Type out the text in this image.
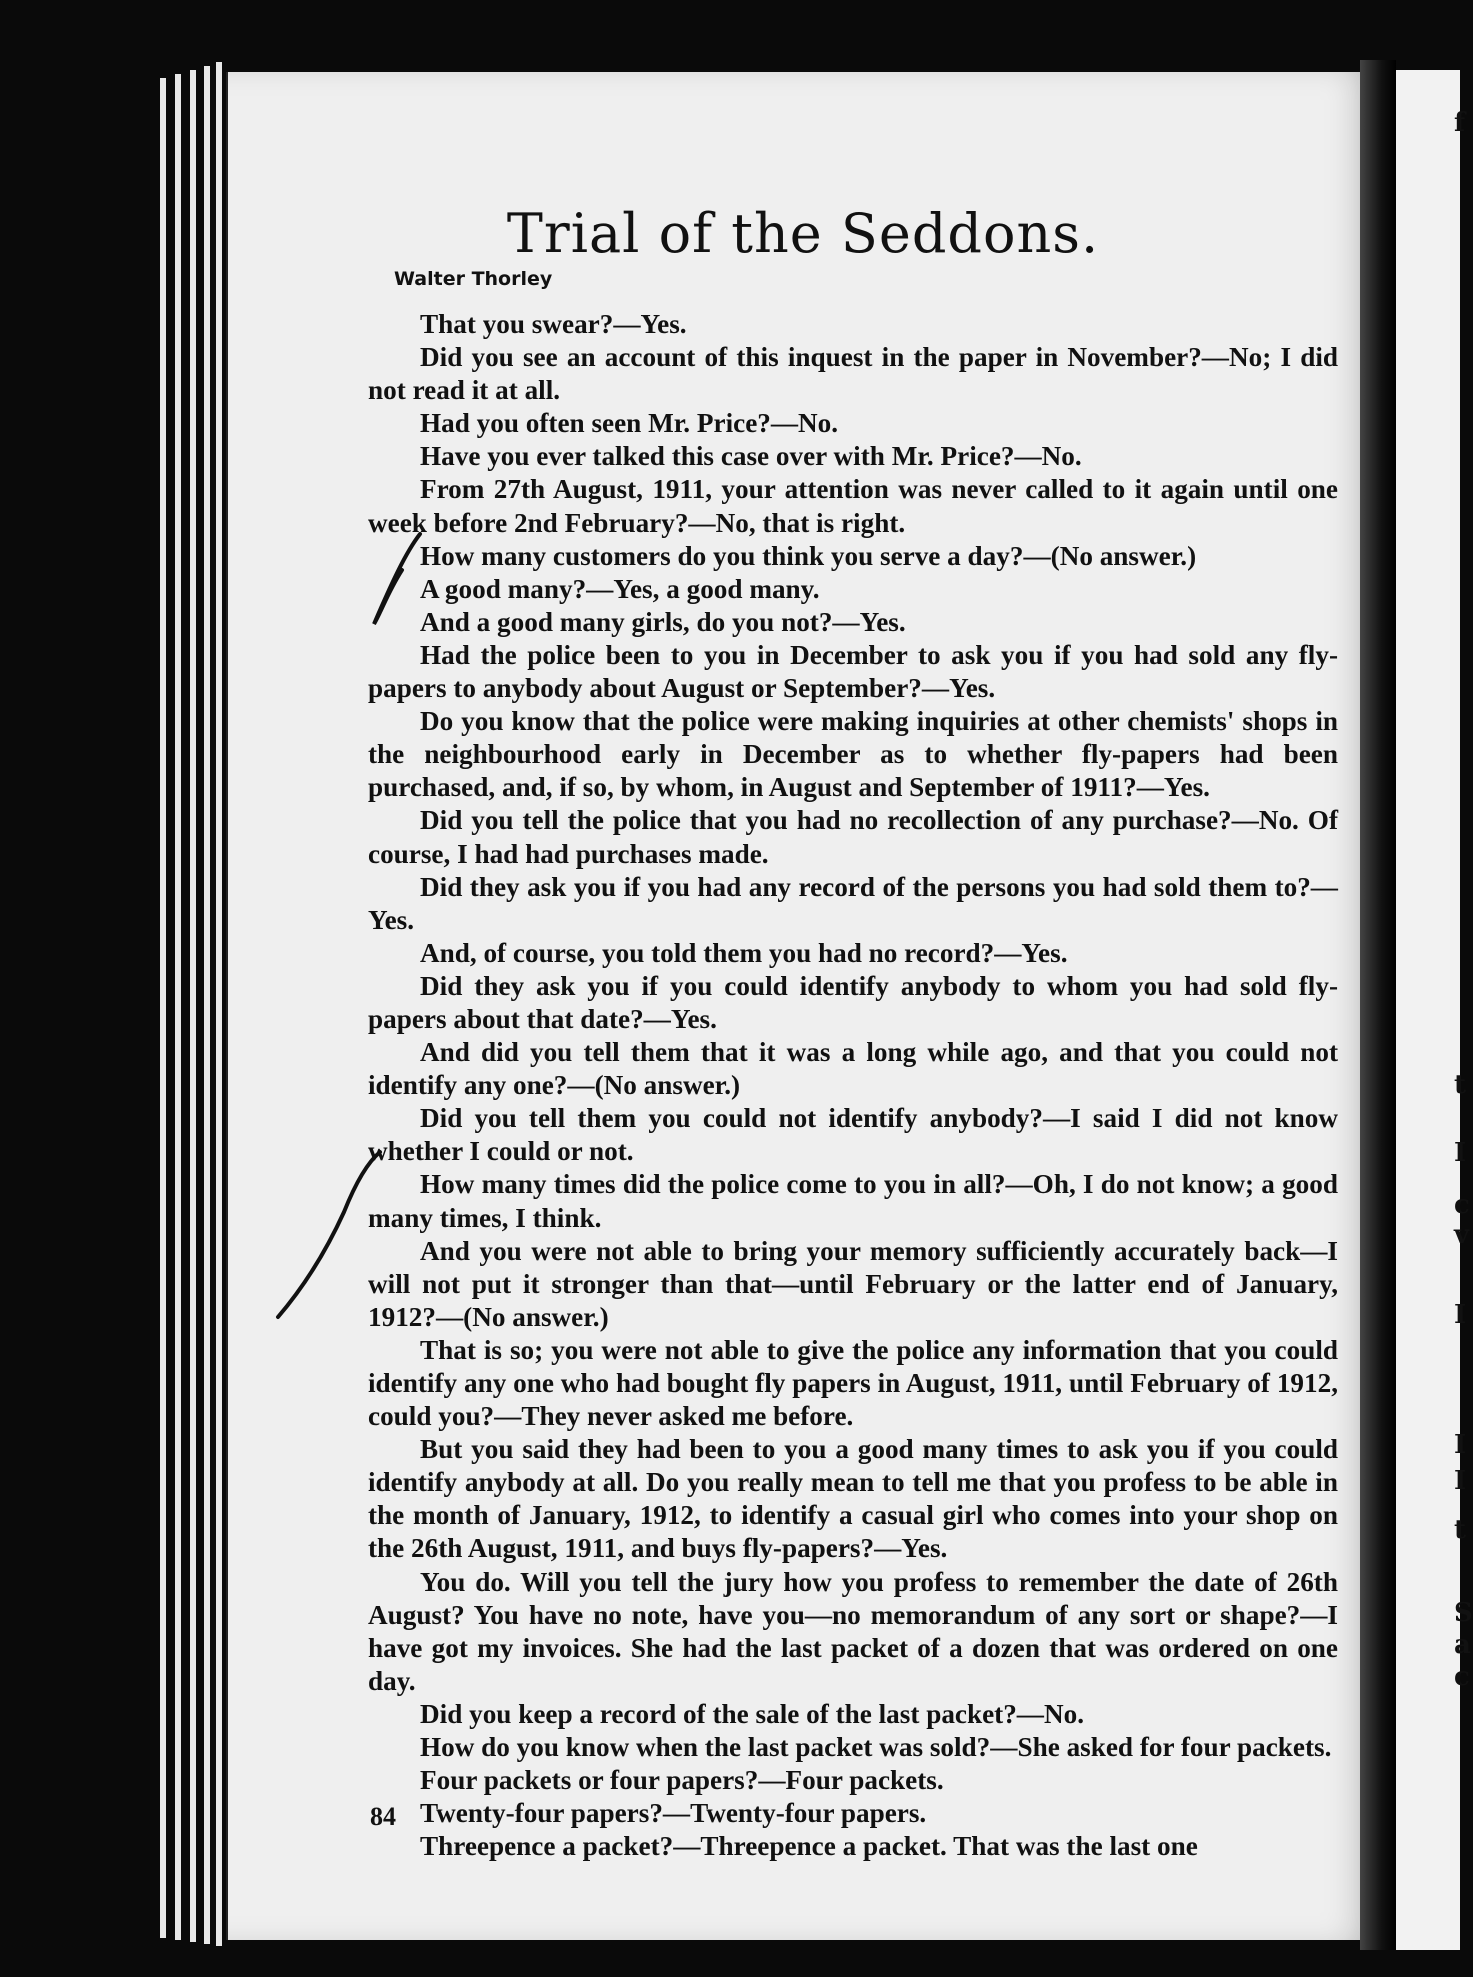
Trial of the Seddons.
Walter Thorley

That you swear?—Yes.

Did you see an account of this inquest in the paper in November?—No; I did not read it at all.

Had you often seen Mr. Price?—No.

Have you ever talked this case over with Mr. Price?—No.

From 27th August, 1911, your attention was never called to it again until one week before 2nd February?—No, that is right.

How many customers do you think you serve a day?—(No answer.)

A good many?—Yes, a good many.

And a good many girls, do you not?—Yes.

Had the police been to you in December to ask you if you had sold any fly-papers to anybody about August or September?—Yes.

Do you know that the police were making inquiries at other chemists' shops in the neighbourhood early in December as to whether fly-papers had been purchased, and, if so, by whom, in August and September of 1911?—Yes.

Did you tell the police that you had no recollection of any purchase?—No. Of course, I had had purchases made.

Did they ask you if you had any record of the persons you had sold them to?—Yes.

And, of course, you told them you had no record?—Yes.

Did they ask you if you could identify anybody to whom you had sold fly-papers about that date?—Yes.

And did you tell them that it was a long while ago, and that you could not identify any one?—(No answer.)

Did you tell them you could not identify anybody?—I said I did not know whether I could or not.

How many times did the police come to you in all?—Oh, I do not know; a good many times, I think.

And you were not able to bring your memory sufficiently accurately back—I will not put it stronger than that—until February or the latter end of January, 1912?—(No answer.)

That is so; you were not able to give the police any information that you could identify any one who had bought fly papers in August, 1911, until February of 1912, could you?—They never asked me before.

But you said they had been to you a good many times to ask you if you could identify anybody at all. Do you really mean to tell me that you profess to be able in the month of January, 1912, to identify a casual girl who comes into your shop on the 26th August, 1911, and buys fly-papers?—Yes.

You do. Will you tell the jury how you profess to remember the date of 26th August? You have no note, have you—no memorandum of any sort or shape?—I have got my invoices. She had the last packet of a dozen that was ordered on one day.

Did you keep a record of the sale of the last packet?—No.

How do you know when the last packet was sold?—She asked for four packets.

Four packets or four papers?—Four packets.

Twenty-four papers?—Twenty-four papers.

Threepence a packet?—Threepence a packet. That was the last one

84
f
t
I
c
v
I
I
I
t
S
a
c
